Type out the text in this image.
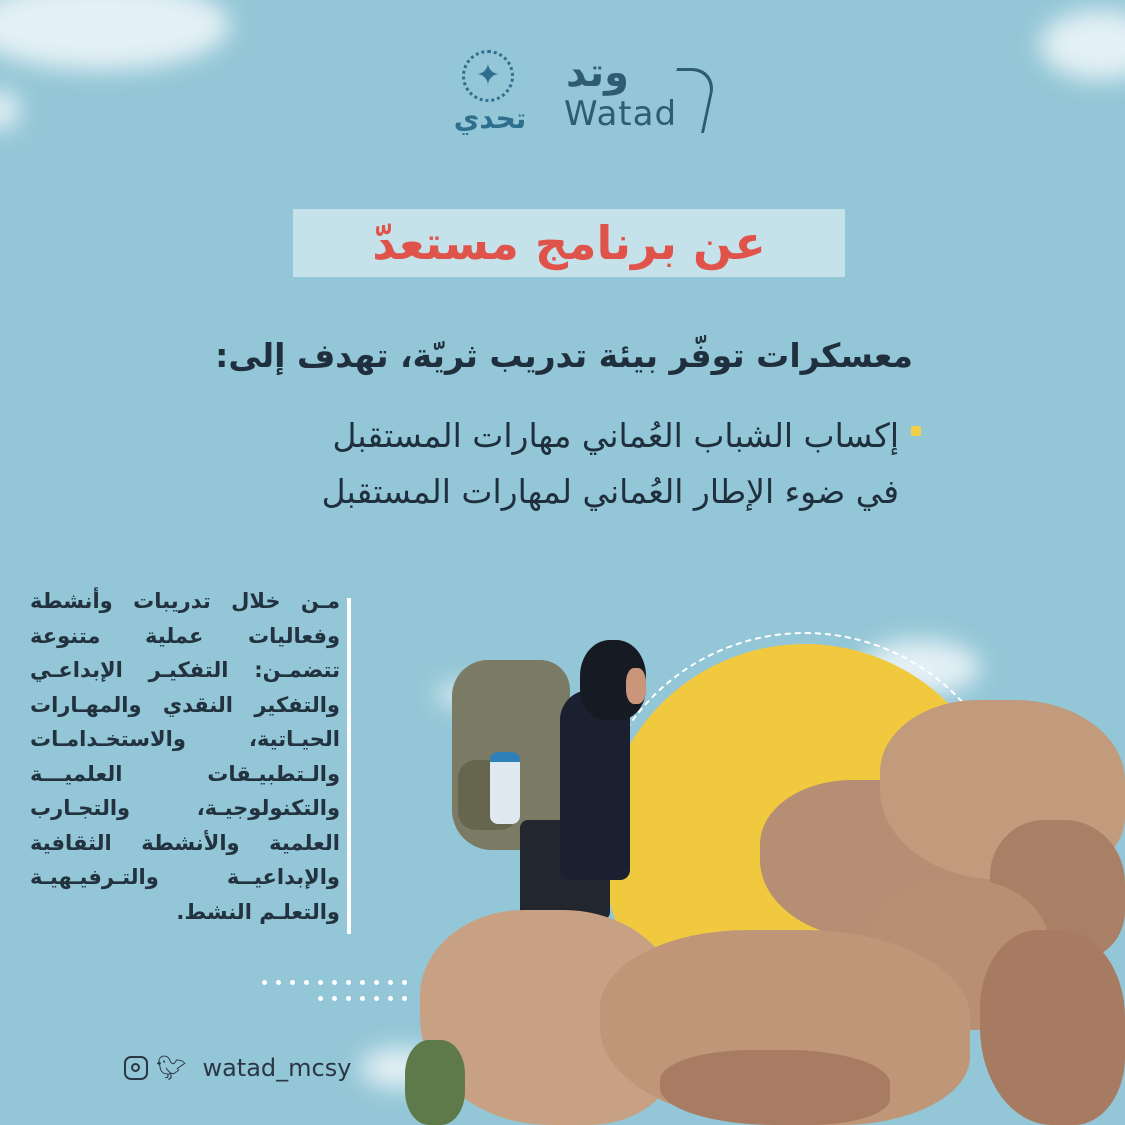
✦
تحدي
وتد
Watad
عن برنامج مستعدّ
معسكرات توفّر بيئة تدريب ثريّة، تهدف إلى:
إكساب الشباب العُماني مهارات المستقبل
في ضوء الإطار العُماني لمهارات المستقبل
مـن خلال تدريبات وأنشطة وفعاليات عملية متنوعة تتضمـن: التفكيـر الإبداعـي والتفكير النقدي والمهـارات الحيـاتية، والاستخـدامـات والـتطبيـقات العلميـــة والتكنولوجيـة، والتجـارب العلمية والأنشطة الثقافية والإبداعيــة والتـرفيـهيـة والتعلـم النشط.
🐦︎ watad_mcsy
